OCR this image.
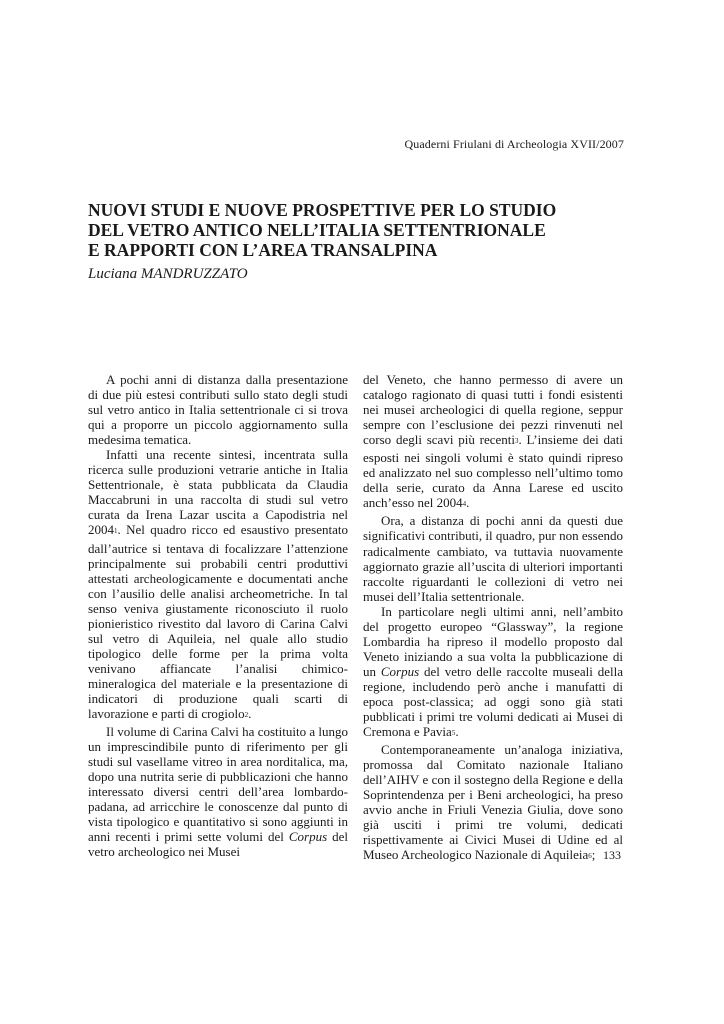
Quaderni Friulani di Archeologia XVII/2007
NUOVI STUDI E NUOVE PROSPETTIVE PER LO STUDIO
DEL VETRO ANTICO NELL’ITALIA SETTENTRIONALE
E RAPPORTI CON L’AREA TRANSALPINA
Luciana MANDRUZZATO

A pochi anni di distanza dalla presentazione di due più estesi contributi sullo stato degli studi sul vetro antico in Italia settentrionale ci si trova qui a proporre un piccolo aggiornamento sulla medesima tematica.

Infatti una recente sintesi, incentrata sulla ricerca sulle produzioni vetrarie antiche in Italia Settentrionale, è stata pubblicata da Claudia Maccabruni in una raccolta di studi sul vetro curata da Irena Lazar uscita a Capodistria nel 2004$^1$. Nel quadro ricco ed esaustivo presentato dall’autrice si tentava di focalizzare l’attenzione principalmente sui probabili centri produttivi attestati archeologicamente e documentati anche con l’ausilio delle analisi archeometriche. In tal senso veniva giustamente riconosciuto il ruolo pionieristico rivestito dal lavoro di Carina Calvi sul vetro di Aquileia, nel quale allo studio tipologico delle forme per la prima volta venivano affiancate l’analisi chimico-mineralogica del materiale e la presentazione di indicatori di produzione quali scarti di lavorazione e parti di crogiolo$^2$.

Il volume di Carina Calvi ha costituito a lungo un imprescindibile punto di riferimento per gli studi sul vasellame vitreo in area norditalica, ma, dopo una nutrita serie di pubblicazioni che hanno interessato diversi centri dell’area lombardo-padana, ad arricchire le conoscenze dal punto di vista tipologico e quantitativo si sono aggiunti in anni recenti i primi sette volumi del Corpus del vetro archeologico nei Musei

del Veneto, che hanno permesso di avere un catalogo ragionato di quasi tutti i fondi esistenti nei musei archeologici di quella regione, seppur sempre con l’esclusione dei pezzi rinvenuti nel corso degli scavi più recenti$^3$. L’insieme dei dati esposti nei singoli volumi è stato quindi ripreso ed analizzato nel suo complesso nell’ultimo tomo della serie, curato da Anna Larese ed uscito anch’esso nel 2004$^4$.

Ora, a distanza di pochi anni da questi due significativi contributi, il quadro, pur non essendo radicalmente cambiato, va tuttavia nuovamente aggiornato grazie all’uscita di ulteriori importanti raccolte riguardanti le collezioni di vetro nei musei dell’Italia settentrionale.

In particolare negli ultimi anni, nell’ambito del progetto europeo “Glassway”, la regione Lombardia ha ripreso il modello proposto dal Veneto iniziando a sua volta la pubblicazione di un Corpus del vetro delle raccolte museali della regione, includendo però anche i manufatti di epoca post-classica; ad oggi sono già stati pubblicati i primi tre volumi dedicati ai Musei di Cremona e Pavia$^5$.

Contemporaneamente un’analoga iniziativa, promossa dal Comitato nazionale Italiano dell’AIHV e con il sostegno della Regione e della Soprintendenza per i Beni archeologici, ha preso avvio anche in Friuli Venezia Giulia, dove sono già usciti i primi tre volumi, dedicati rispettivamente ai Civici Musei di Udine ed al Museo Archeologico Nazionale di Aquileia$^6$; 133
